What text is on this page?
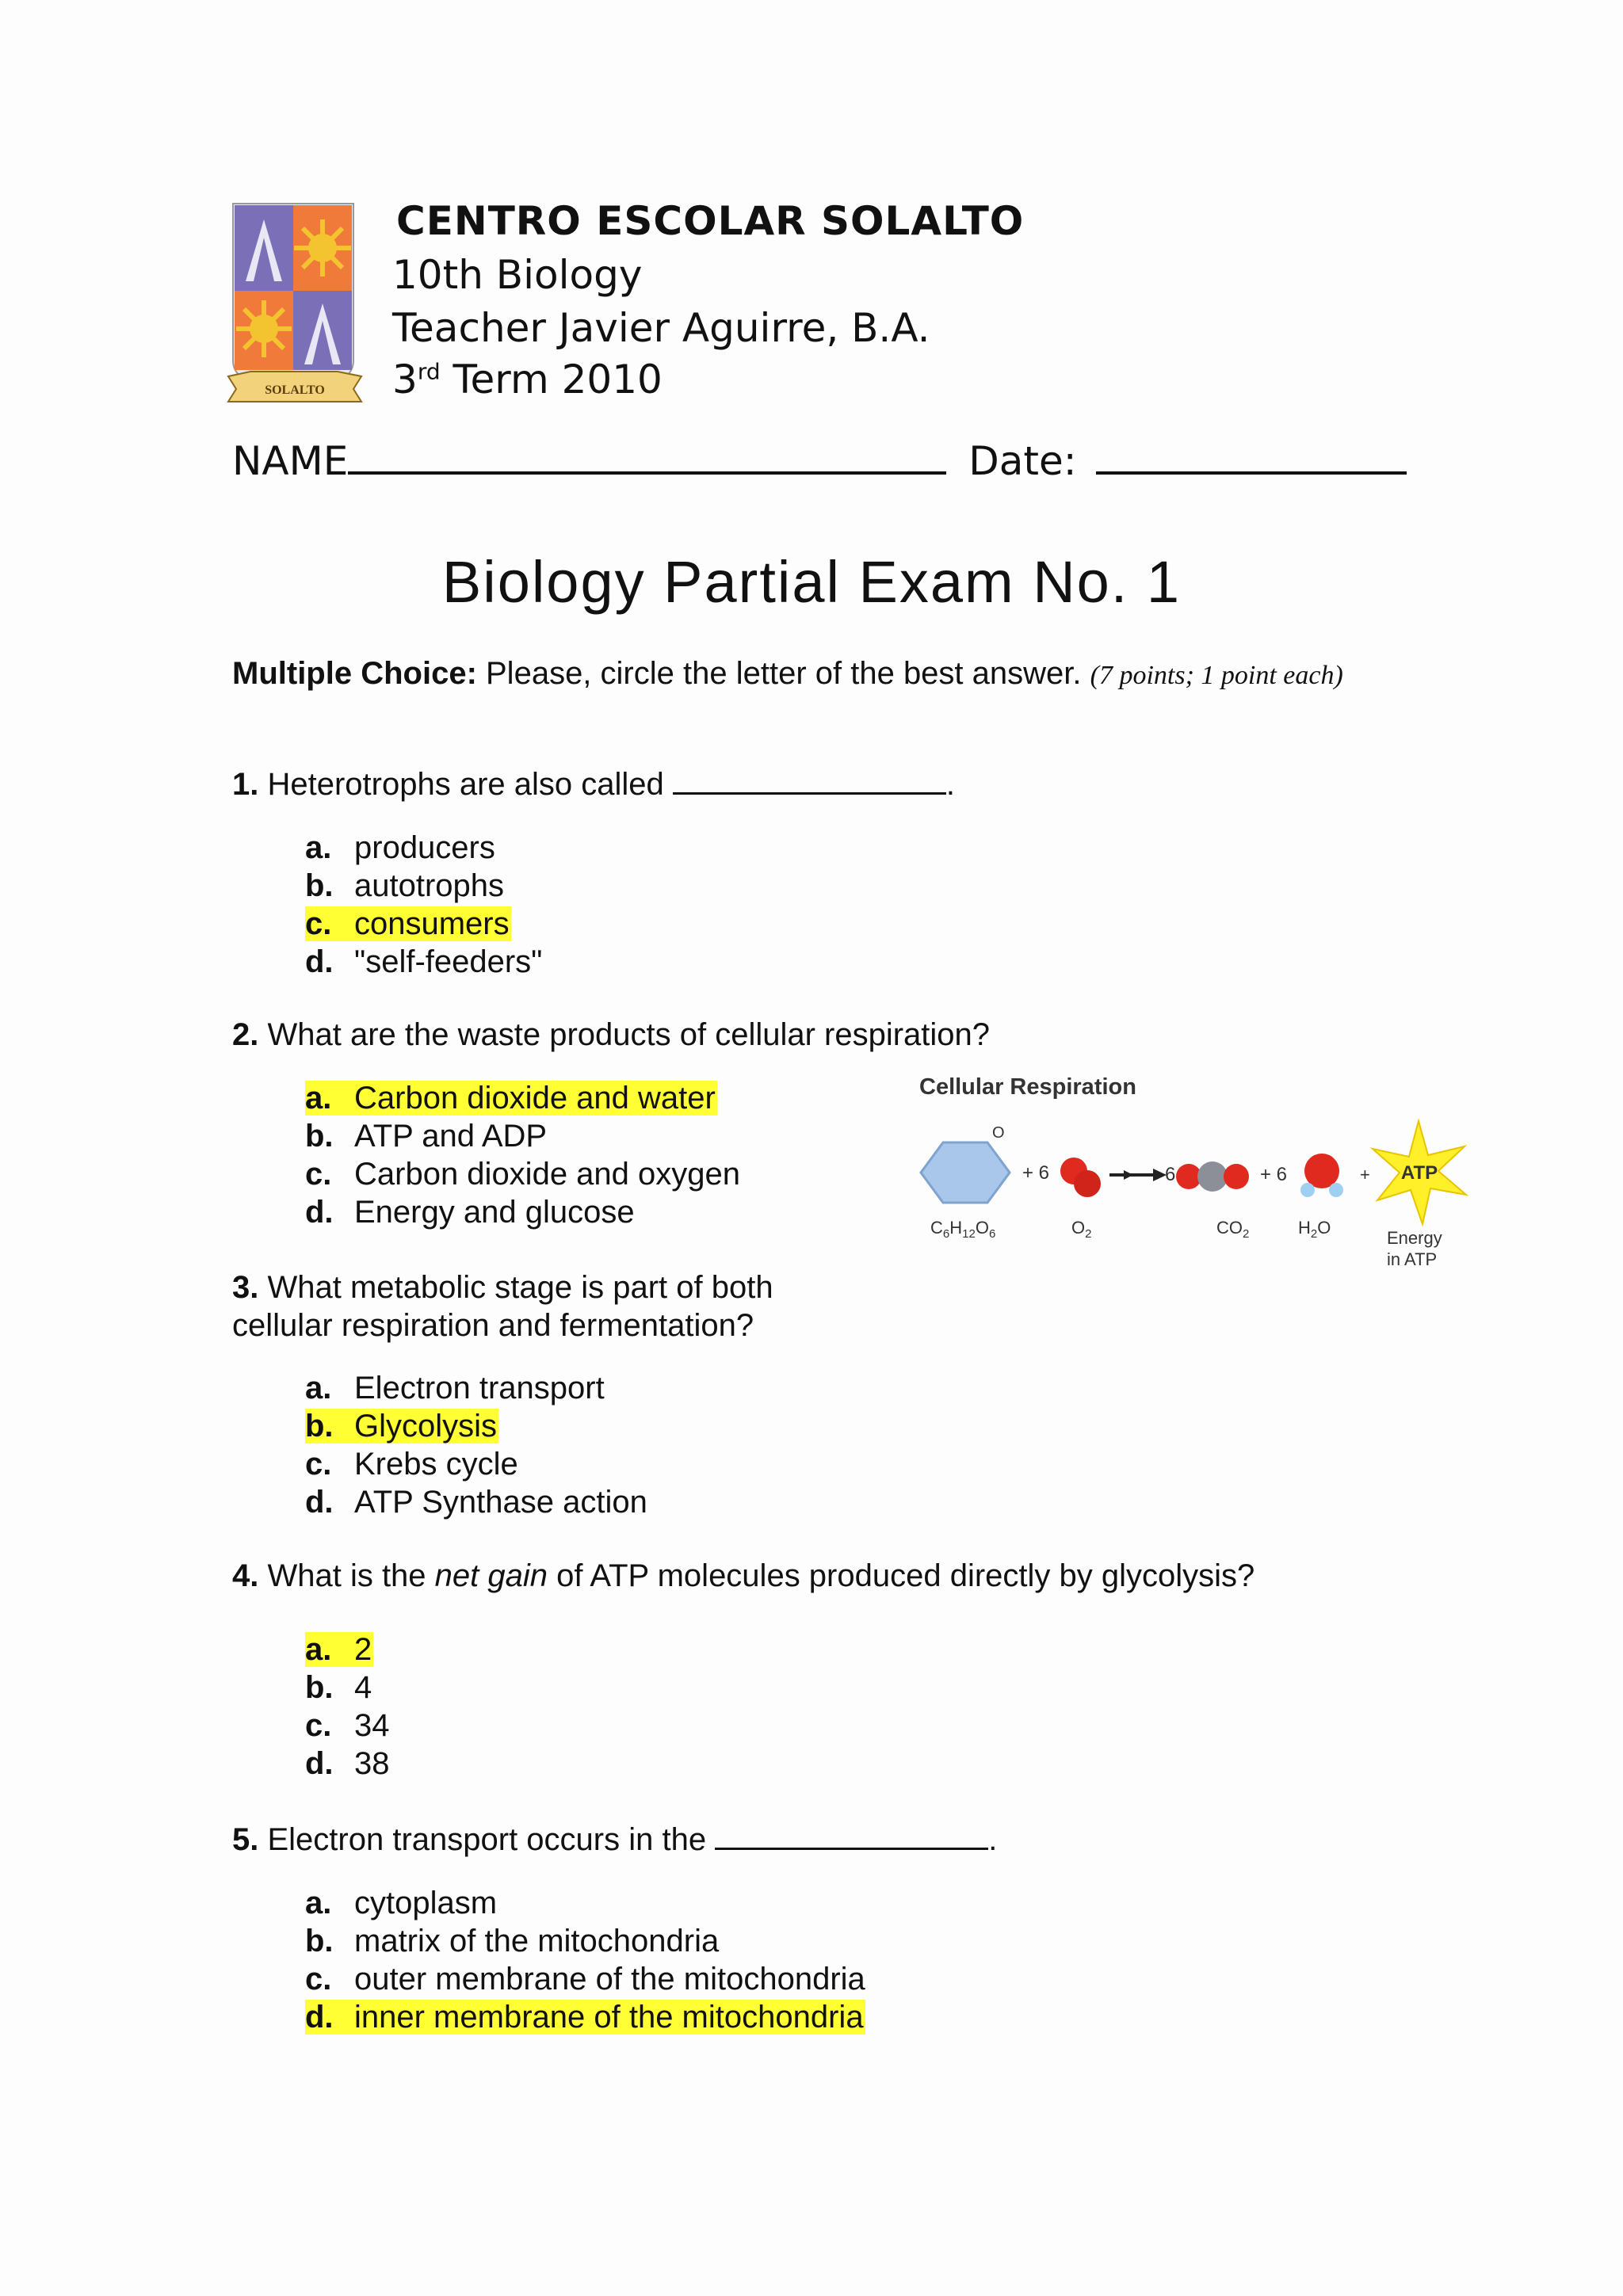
SOLALTO
CENTRO ESCOLAR SOLALTO
10th Biology
Teacher Javier Aguirre, B.A.
3rd Term 2010
NAME	Date:
Biology Partial Exam No. 1
Multiple Choice: Please, circle the letter of the best answer. (7 points; 1 point each)
1. Heterotrophs are also called	.
a. producers
b. autotrophs
c. consumers
d. "self-feeders"
2. What are the waste products of cellular respiration?
a. Carbon dioxide and water
b. ATP and ADP
c. Carbon dioxide and oxygen
d. Energy and glucose
Cellular Respiration
O
+ 6	6	+ 6	+ ATP
$C_6H_{12}O_6$	$O_2$	$CO_2$	$H_2O$
Energy
in ATP
3. What metabolic stage is part of both
cellular respiration and fermentation?
a. Electron transport
b. Glycolysis
c. Krebs cycle
d. ATP Synthase action
4. What is the net gain of ATP molecules produced directly by glycolysis?
a. 2
b. 4
c. 34
d. 38
5. Electron transport occurs in the	.
a. cytoplasm
b. matrix of the mitochondria
c. outer membrane of the mitochondria
d. inner membrane of the mitochondria
